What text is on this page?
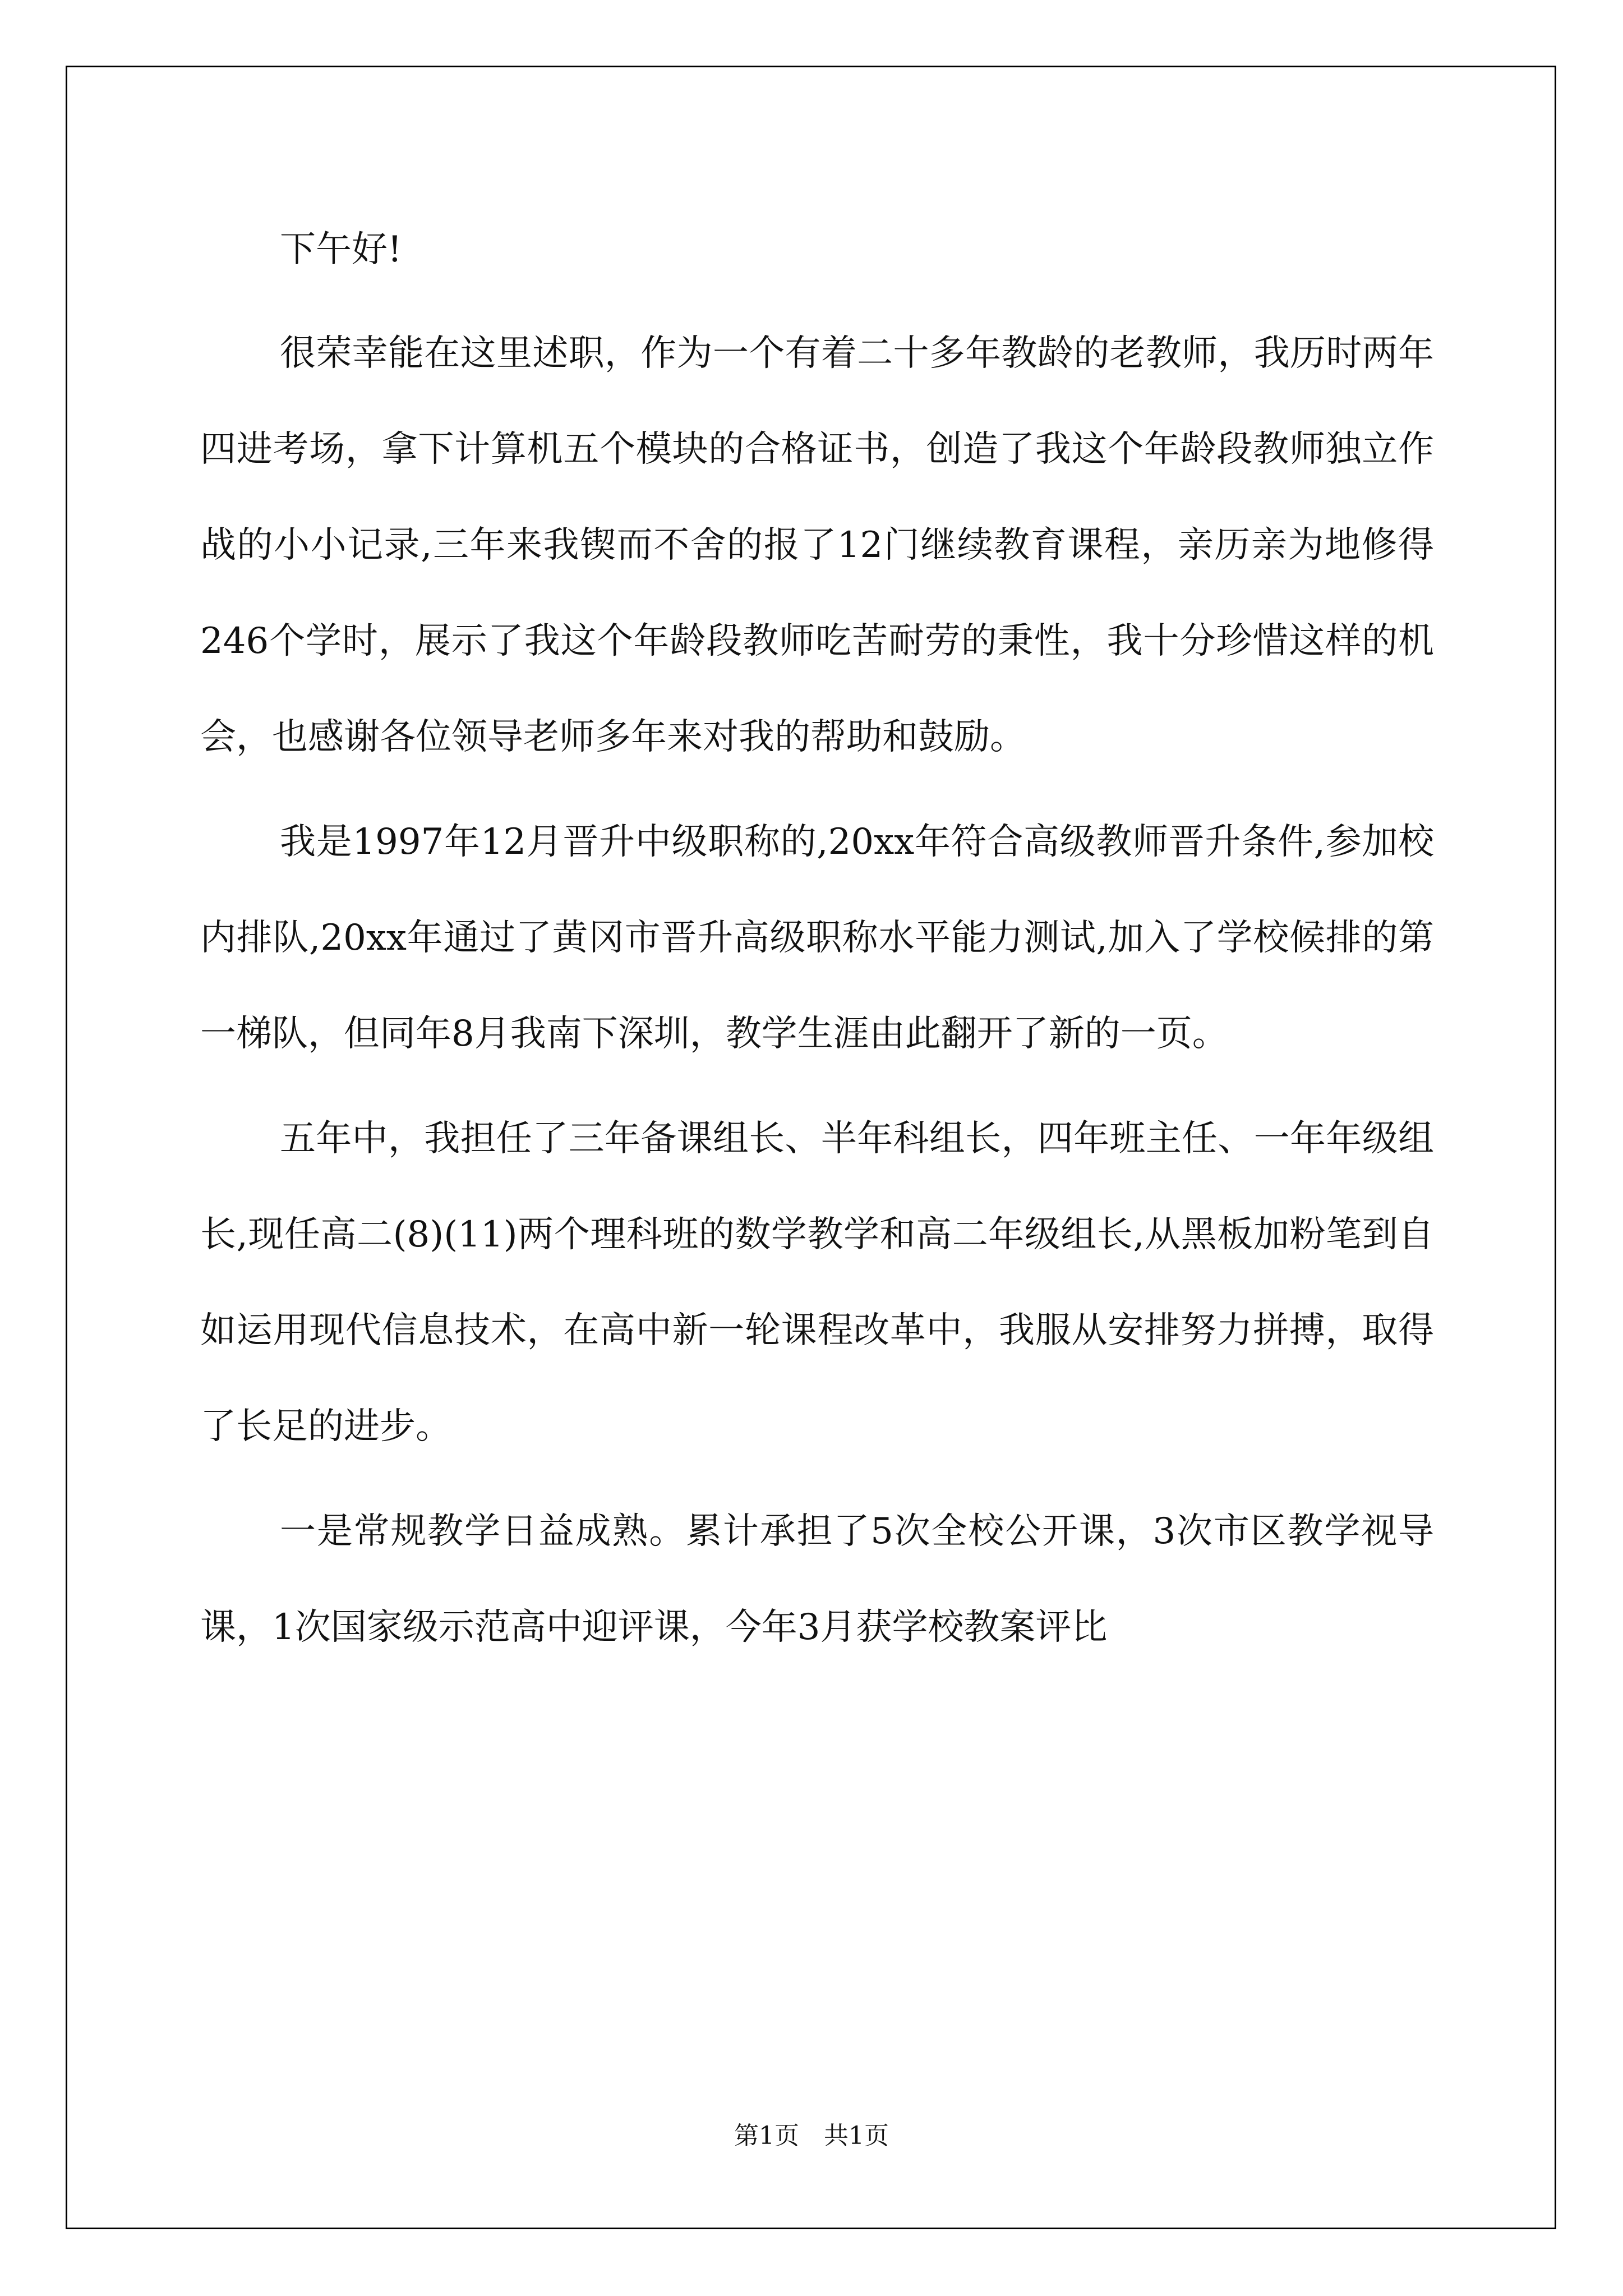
下午好!

很荣幸能在这里述职，作为一个有着二十多年教龄的老教师，我历时两年四进考场，拿下计算机五个模块的合格证书，创造了我这个年龄段教师独立作战的小小记录,三年来我锲而不舍的报了12门继续教育课程，亲历亲为地修得246个学时，展示了我这个年龄段教师吃苦耐劳的秉性，我十分珍惜这样的机会，也感谢各位领导老师多年来对我的帮助和鼓励。

我是1997年12月晋升中级职称的,20xx年符合高级教师晋升条件,参加校内排队,20xx年通过了黄冈市晋升高级职称水平能力测试,加入了学校候排的第一梯队，但同年8月我南下深圳，教学生涯由此翻开了新的一页。

五年中，我担任了三年备课组长、半年科组长，四年班主任、一年年级组长,现任高二(8)(11)两个理科班的数学教学和高二年级组长,从黑板加粉笔到自如运用现代信息技术，在高中新一轮课程改革中，我服从安排努力拼搏，取得了长足的进步。

一是常规教学日益成熟。累计承担了5次全校公开课，3次市区教学视导课，1次国家级示范高中迎评课，今年3月获学校教案评比

第1页　共1页
